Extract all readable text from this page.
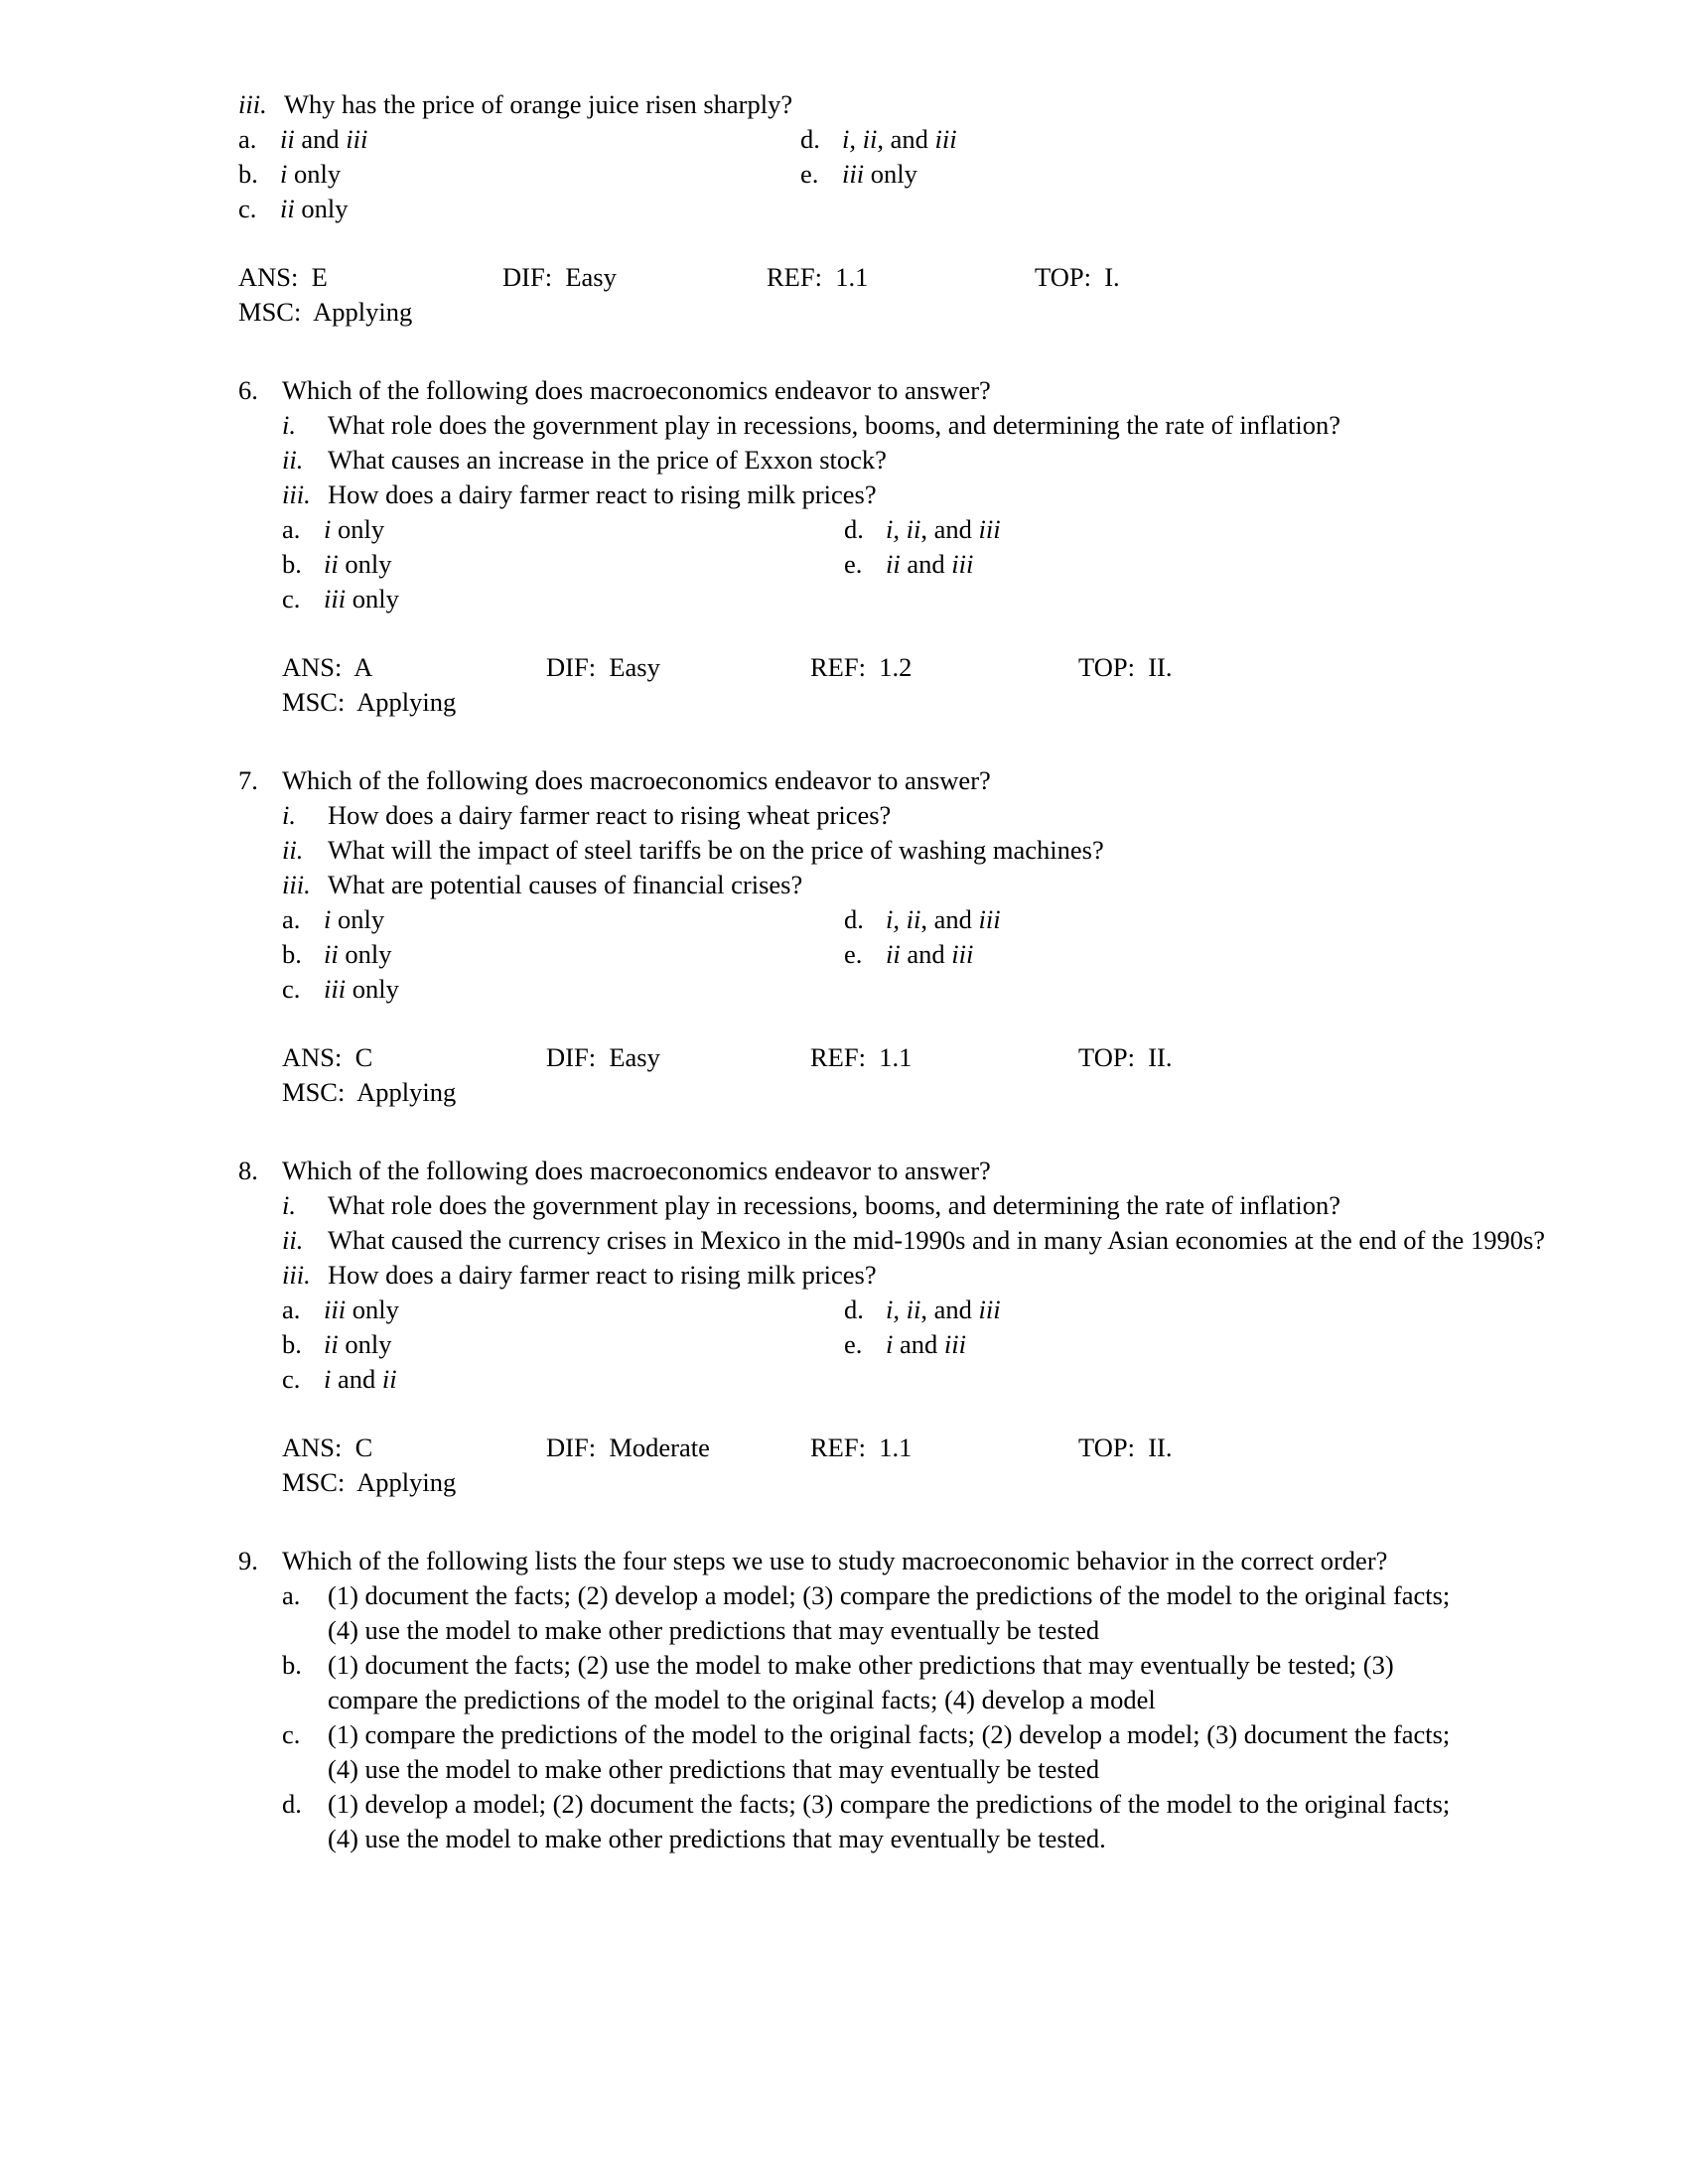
iii. Why has the price of orange juice risen sharply?
a. ii and iii	d. i, ii, and iii
b. i only	e. iii only
c. ii only
ANS: E	DIF: Easy	REF: 1.1	TOP: I.
MSC: Applying
6. Which of the following does macroeconomics endeavor to answer?
i.	What role does the government play in recessions, booms, and determining the rate of inflation?
ii. What causes an increase in the price of Exxon stock?
iii. How does a dairy farmer react to rising milk prices?
a. i only	d. i, ii, and iii
b. ii only	e. ii and iii
c. iii only
ANS: A	DIF: Easy	REF: 1.2	TOP: II.
MSC: Applying
7. Which of the following does macroeconomics endeavor to answer?
i.	How does a dairy farmer react to rising wheat prices?
ii. What will the impact of steel tariffs be on the price of washing machines?
iii. What are potential causes of financial crises?
a. i only	d. i, ii, and iii
b. ii only	e. ii and iii
c. iii only
ANS: C	DIF: Easy	REF: 1.1	TOP: II.
MSC: Applying
8. Which of the following does macroeconomics endeavor to answer?
i.	What role does the government play in recessions, booms, and determining the rate of inflation?
ii. What caused the currency crises in Mexico in the mid-1990s and in many Asian economies at the end of the 1990s?
iii. How does a dairy farmer react to rising milk prices?
a. iii only	d. i, ii, and iii
b. ii only	e. i and iii
c. i and ii
ANS: C	DIF: Moderate	REF: 1.1	TOP: II.
MSC: Applying
9. Which of the following lists the four steps we use to study macroeconomic behavior in the correct order?
a.	(1) document the facts; (2) develop a model; (3) compare the predictions of the model to the original facts; (4) use the model to make other predictions that may eventually be tested
b. (1) document the facts; (2) use the model to make other predictions that may eventually be tested; (3) compare the predictions of the model to the original facts; (4) develop a model
c.	(1) compare the predictions of the model to the original facts; (2) develop a model; (3) document the facts; (4) use the model to make other predictions that may eventually be tested
d. (1) develop a model; (2) document the facts; (3) compare the predictions of the model to the original facts; (4) use the model to make other predictions that may eventually be tested.
